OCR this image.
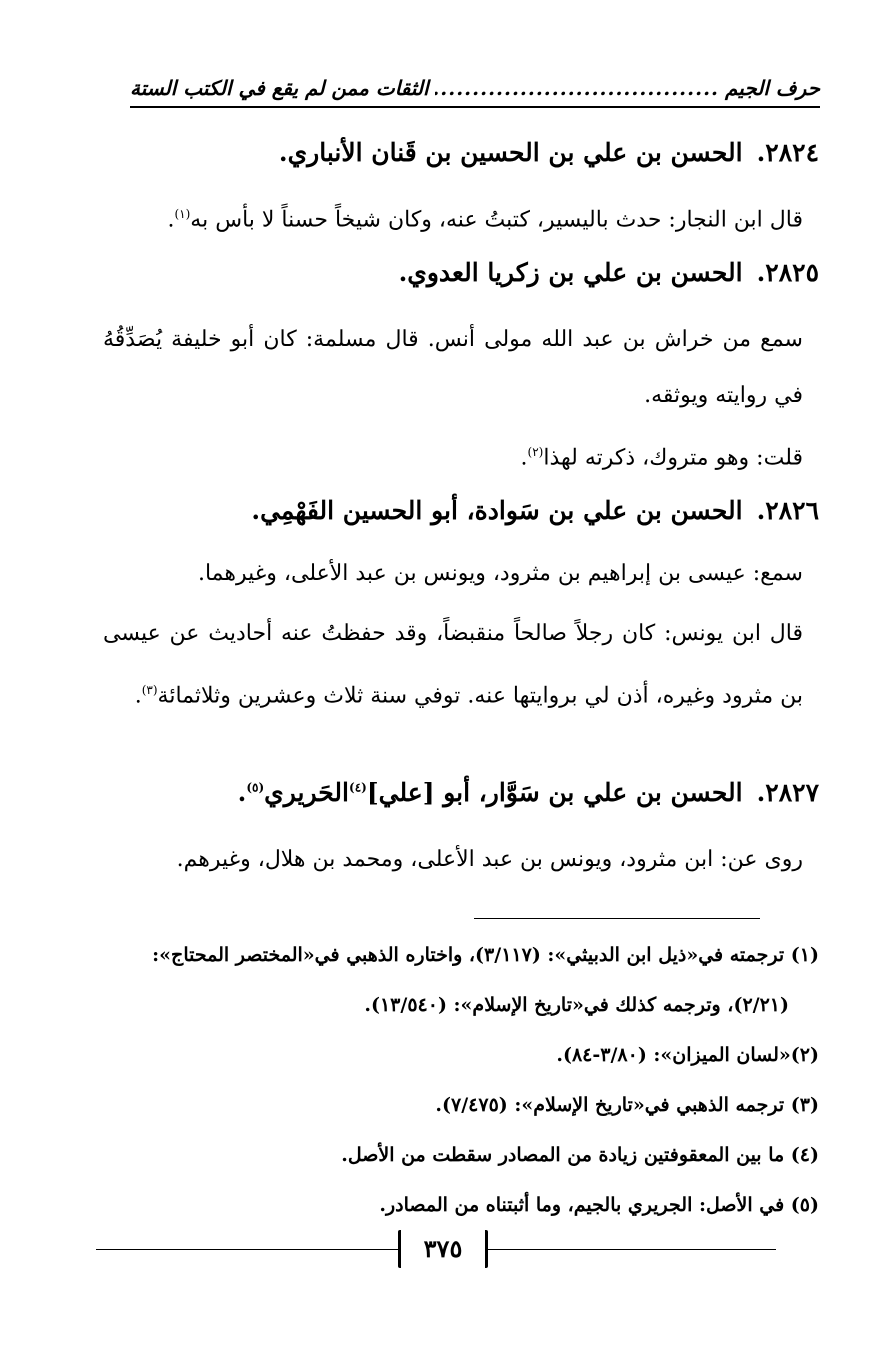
حرف الجيم
.....
الثقات ممن لم يقع في الكتب الستة
٢٨٢٤.الحسن بن علي بن الحسين بن قَنان الأنباري.
قال ابن النجار: حدث باليسير، كتبتُ عنه، وكان شيخاً حسناً لا بأس به$^{(١)}$.
٢٨٢٥.الحسن بن علي بن زكريا العدوي.
سمع من خراش بن عبد الله مولى أنس. قال مسلمة: كان أبو خليفة يُصَدِّقُهُ في روايته ويوثقه.
قلت: وهو متروك، ذكرته لهذا$^{(٢)}$.
٢٨٢٦.الحسن بن علي بن سَوادة، أبو الحسين الفَهْمِي.
سمع: عيسى بن إبراهيم بن مثرود، ويونس بن عبد الأعلى، وغيرهما.
قال ابن يونس: كان رجلاً صالحاً منقبضاً، وقد حفظتُ عنه أحاديث عن عيسى بن مثرود وغيره، أذن لي بروايتها عنه. توفي سنة ثلاث وعشرين وثلاثمائة$^{(٣)}$.
٢٨٢٧.الحسن بن علي بن سَوَّار، أبو [علي]$^{(٤)}$الحَريري$^{(٥)}$.
روى عن: ابن مثرود، ويونس بن عبد الأعلى، ومحمد بن هلال، وغيرهم.
(١) ترجمته في«ذيل ابن الدبيثي»: (٣/١١٧)، واختاره الذهبي في«المختصر المحتاج»:
(٢/٢١)، وترجمه كذلك في«تاريخ الإسلام»: (١٣/٥٤٠).
(٢)«لسان الميزان»: (٣/٨٠-٨٤).
(٣) ترجمه الذهبي في«تاريخ الإسلام»: (٧/٤٧٥).
(٤) ما بين المعقوفتين زيادة من المصادر سقطت من الأصل.
(٥) في الأصل: الجريري بالجيم، وما أثبتناه من المصادر.
٣٧٥
